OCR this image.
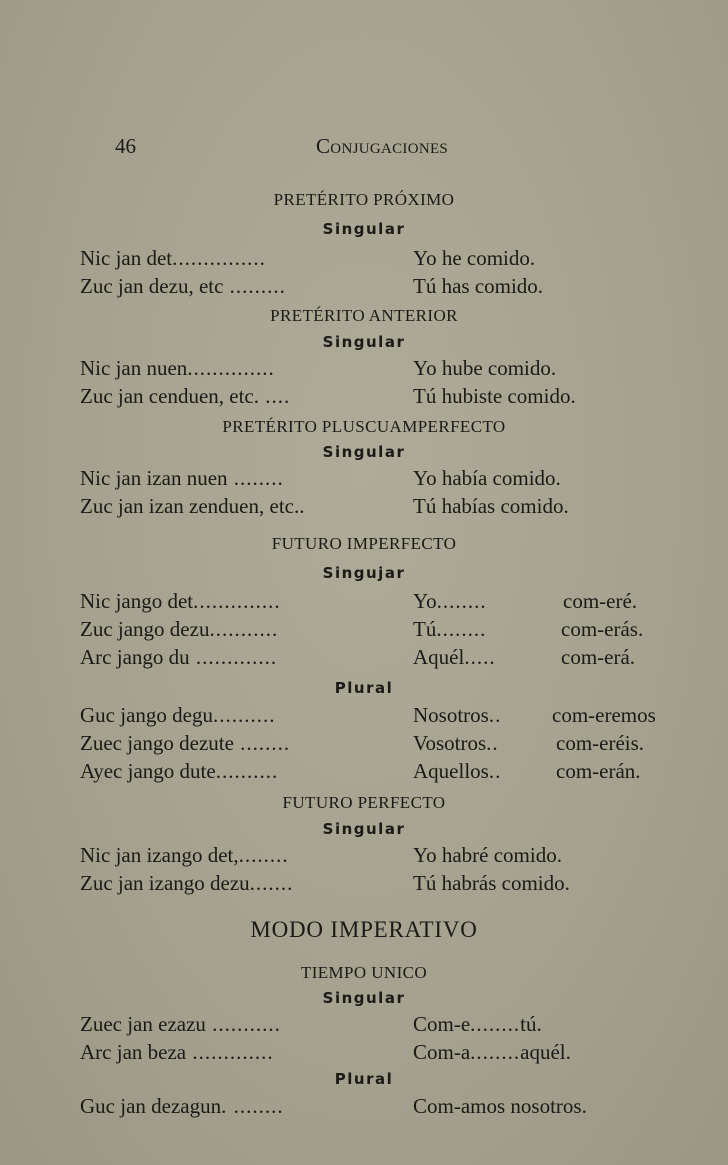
46	Conjugaciones
PRETÉRITO PRÓXIMO
Singular
Nic jan det...............	Yo he comido.
Zuc jan dezu, etc .........	Tú has comido.
PRETÉRITO ANTERIOR
Singular
Nic jan nuen..............	Yo hube comido.
Zuc jan cenduen, etc. ....	Tú hubiste comido.
PRETÉRITO PLUSCUAMPERFECTO
Singular
Nic jan izan nuen ........	Yo había comido.
Zuc jan izan zenduen, etc..	Tú habías comido.
FUTURO IMPERFECTO
Singujar
Nic jango det..............	Yo........	com-eré.
Zuc jango dezu...........	Tú........	com-erás.
Arc jango du .............	Aquél.....	com-erá.
Plural
Guc jango degu..........	Nosotros.. com-eremos
Zuec jango dezute ........	Vosotros..	com-eréis.
Ayec jango dute..........	Aquellos..	com-erán.
FUTURO PERFECTO
Singular
Nic jan izango det,........	Yo habré comido.
Zuc jan izango dezu.......	Tú habrás comido.
MODO IMPERATIVO
TIEMPO UNICO
Singular
Zuec jan ezazu ...........	Com-e........tú.
Arc jan beza .............	Com-a........aquél.
Plural
Guc jan dezagun. ........	Com-amos nosotros.
